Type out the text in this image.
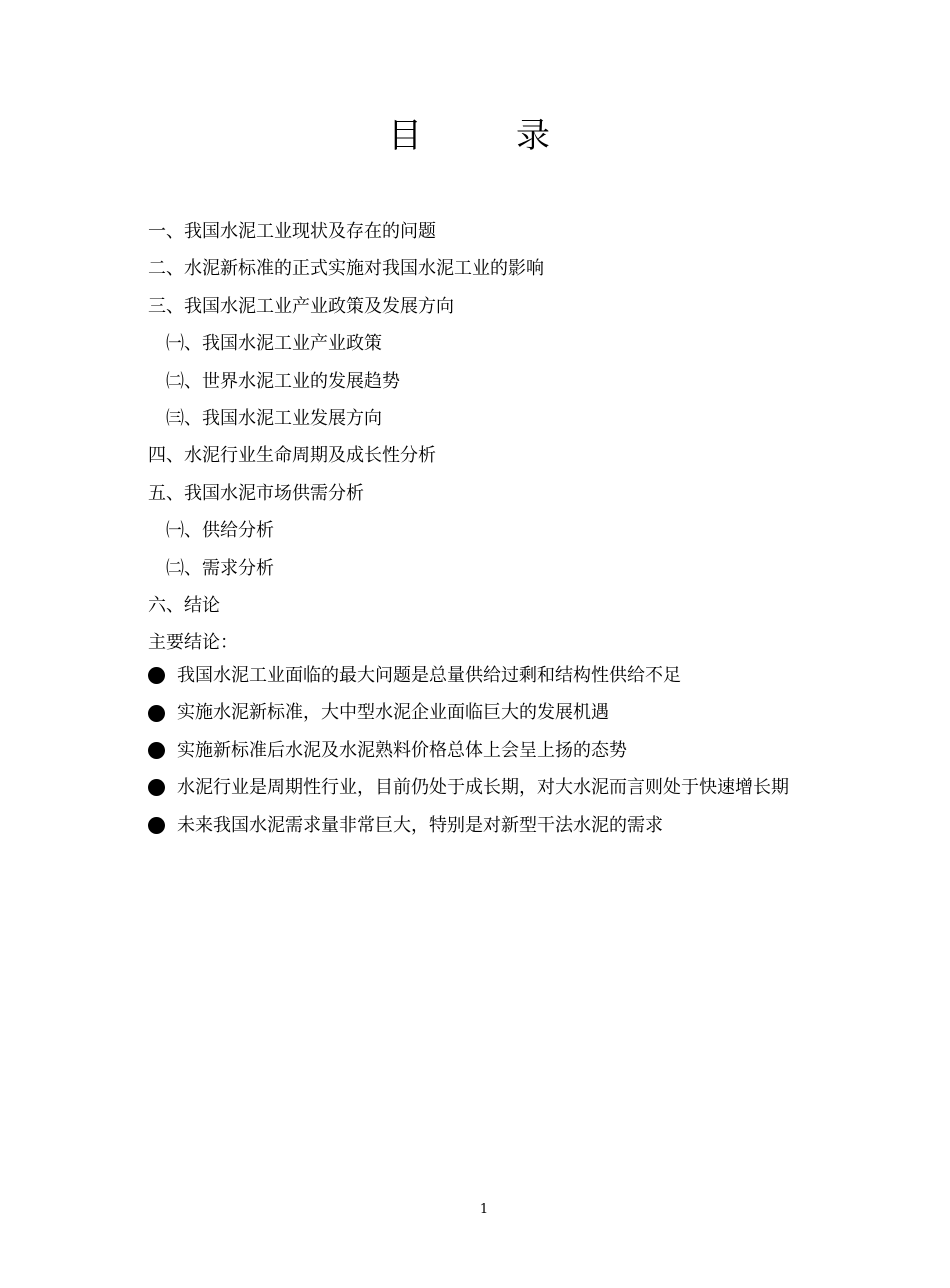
目　录
一、我国水泥工业现状及存在的问题
二、水泥新标准的正式实施对我国水泥工业的影响
三、我国水泥工业产业政策及发展方向
㈠、我国水泥工业产业政策
㈡、世界水泥工业的发展趋势
㈢、我国水泥工业发展方向
四、水泥行业生命周期及成长性分析
五、我国水泥市场供需分析
㈠、供给分析
㈡、需求分析
六、结论
主要结论：
我国水泥工业面临的最大问题是总量供给过剩和结构性供给不足
实施水泥新标准，大中型水泥企业面临巨大的发展机遇
实施新标准后水泥及水泥熟料价格总体上会呈上扬的态势
水泥行业是周期性行业，目前仍处于成长期，对大水泥而言则处于快速增长期
未来我国水泥需求量非常巨大，特别是对新型干法水泥的需求
1
